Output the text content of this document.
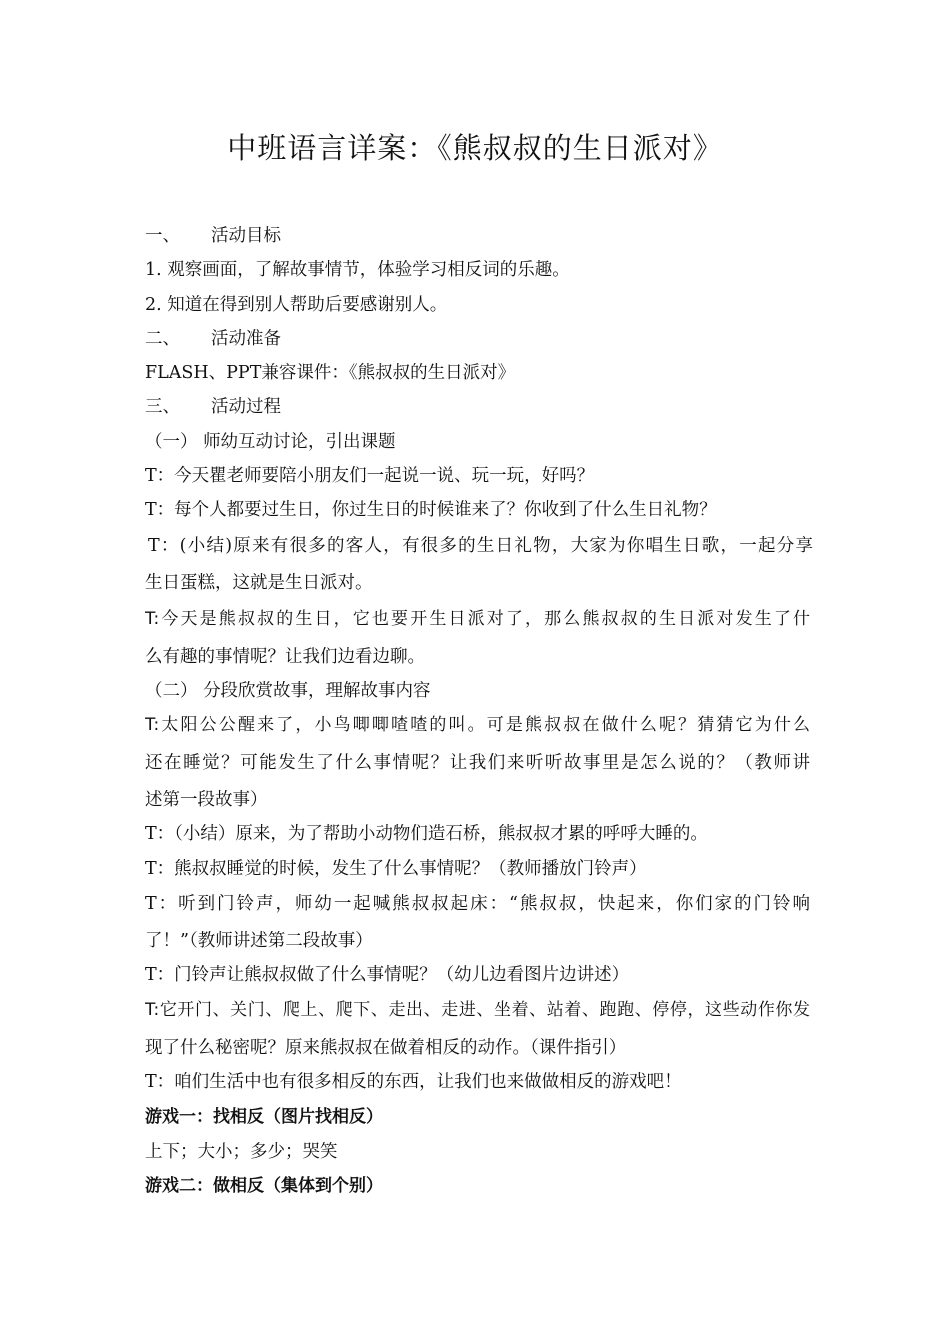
中班语言详案：《熊叔叔的生日派对》
一、 活动目标
1. 观察画面，了解故事情节，体验学习相反词的乐趣。
2. 知道在得到别人帮助后要感谢别人。
二、 活动准备
FLASH、PPT兼容课件：《熊叔叔的生日派对》
三、 活动过程
（一） 师幼互动讨论，引出课题
T：今天瞿老师要陪小朋友们一起说一说、玩一玩，好吗？
T：每个人都要过生日，你过生日的时候谁来了？你收到了什么生日礼物？
T：(小结)原来有很多的客人，有很多的生日礼物，大家为你唱生日歌，一起分享
生日蛋糕，这就是生日派对。
T:今天是熊叔叔的生日，它也要开生日派对了，那么熊叔叔的生日派对发生了什
么有趣的事情呢？让我们边看边聊。
（二） 分段欣赏故事，理解故事内容
T:太阳公公醒来了，小鸟唧唧喳喳的叫。可是熊叔叔在做什么呢？猜猜它为什么
还在睡觉？可能发生了什么事情呢？让我们来听听故事里是怎么说的？（教师讲
述第一段故事）
T：（小结）原来，为了帮助小动物们造石桥，熊叔叔才累的呼呼大睡的。
T：熊叔叔睡觉的时候，发生了什么事情呢？（教师播放门铃声）
T：听到门铃声，师幼一起喊熊叔叔起床：“熊叔叔，快起来，你们家的门铃响
了！”（教师讲述第二段故事）
T：门铃声让熊叔叔做了什么事情呢？（幼儿边看图片边讲述）
T:它开门、关门、爬上、爬下、走出、走进、坐着、站着、跑跑、停停，这些动作你发
现了什么秘密呢？原来熊叔叔在做着相反的动作。（课件指引）
T：咱们生活中也有很多相反的东西，让我们也来做做相反的游戏吧！
游戏一：找相反（图片找相反）
上下；大小；多少；哭笑
游戏二：做相反（集体到个别）
